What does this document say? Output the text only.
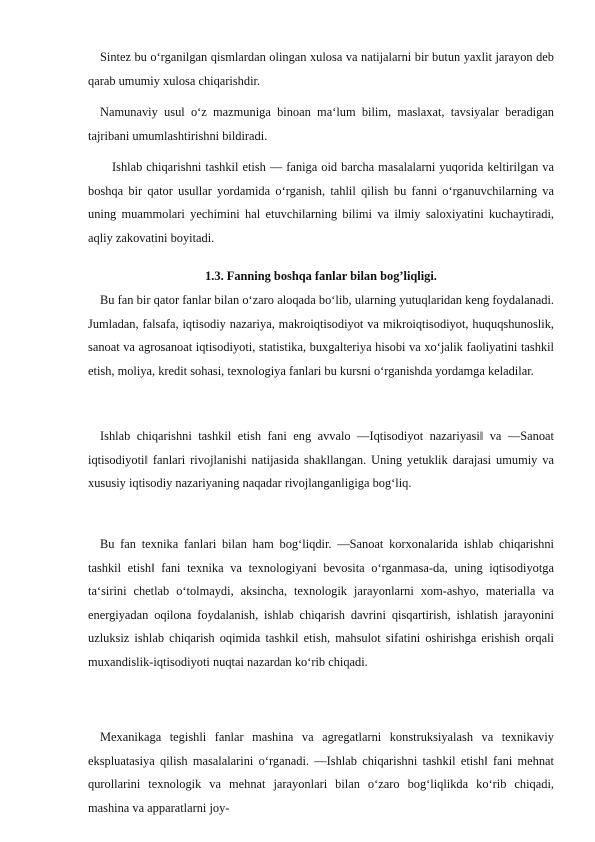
Sintez bu o‘rganilgan qismlardan olingan xulosa va natijalarni bir butun yaxlit jarayon deb qarab umumiy xulosa chiqarishdir.

Namunaviy usul o‘z mazmuniga binoan ma‘lum bilim, maslaxat, tavsiyalar beradigan tajribani umumlashtirishni bildiradi.

Ishlab chiqarishni tashkil etish — faniga oid barcha masalalarni yuqorida keltirilgan va boshqa bir qator usullar yordamida o‘rganish, tahlil qilish bu fanni o‘rganuvchilarning va uning muammolari yechimini hal etuvchilarning bilimi va ilmiy saloxiyatini kuchaytiradi, aqliy zakovatini boyitadi.

1.3. Fanning boshqa fanlar bilan bog’liqligi.

Bu fan bir qator fanlar bilan o‘zaro aloqada bo‘lib, ularning yutuqlaridan keng foydalanadi. Jumladan, falsafa, iqtisodiy nazariya, makroiqtisodiyot va mikroiqtisodiyot, huquqshunoslik, sanoat va agrosanoat iqtisodiyoti, statistika, buxgalteriya hisobi va xo‘jalik faoliyatini tashkil etish, moliya, kredit sohasi, texnologiya fanlari bu kursni o‘rganishda yordamga keladilar.

Ishlab chiqarishni tashkil etish fani eng avvalo ―Iqtisodiyot nazariyasi‖ va ―Sanoat iqtisodiyoti‖ fanlari rivojlanishi natijasida shakllangan. Uning yetuklik darajasi umumiy va xususiy iqtisodiy nazariyaning naqadar rivojlanganligiga bog‘liq.

Bu fan texnika fanlari bilan ham bog‘liqdir. ―Sanoat korxonalarida ishlab chiqarishni tashkil etish‖ fani texnika va texnologiyani bevosita o‘rganmasa-da, uning iqtisodiyotga ta‘sirini chetlab o‘tolmaydi, aksincha, texnologik jarayonlarni xom-ashyo, materialla va energiyadan oqilona foydalanish, ishlab chiqarish davrini qisqartirish, ishlatish jarayonini uzluksiz ishlab chiqarish oqimida tashkil etish, mahsulot sifatini oshirishga erishish orqali muxandislik-iqtisodiyoti nuqtai nazardan ko‘rib chiqadi.

Mexanikaga tegishli fanlar mashina va agregatlarni konstruksiyalash va texnikaviy ekspluatasiya qilish masalalarini o‘rganadi. ―Ishlab chiqarishni tashkil etish‖ fani mehnat qurollarini texnologik va mehnat jarayonlari bilan o‘zaro bog‘liqlikda ko‘rib chiqadi, mashina va apparatlarni joy-
